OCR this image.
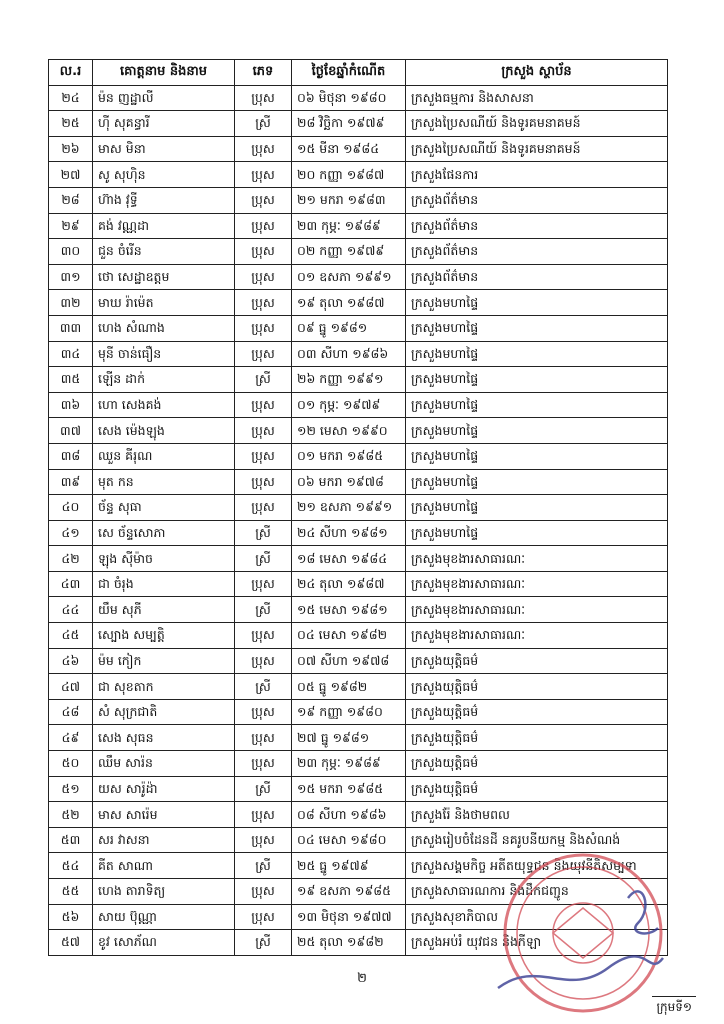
ល.រ	គោត្តនាម និងនាម	ភេទ	ថ្ងៃខែឆ្នាំកំណើត	ក្រសួង ស្ថាប័ន
២៤	ម៉ន ញដ្ឋាលី	ប្រុស	០៦ មិថុនា ១៩៨០	ក្រសួងធម្មការ និងសាសនា
២៥	ហ៊ី សុគន្ធារី	ស្រី	២៨ វិច្ឆិកា ១៩៧៩	ក្រសួងប្រៃសណីយ៍ និងទូរគមនាគមន៍
២៦	មាស មិនា	ប្រុស	១៥ មីនា ១៩៨៤	ក្រសួងប្រៃសណីយ៍ និងទូរគមនាគមន៍
២៧	សូ សុហ៊ិន	ប្រុស	២០ កញ្ញា ១៩៨៧	ក្រសួងផែនការ
២៨	ហ៊ាង វុទ្ធី	ប្រុស	២១ មករា ១៩៨៣	ក្រសួងព័ត៌មាន
២៩	គង់ វណ្ណដា	ប្រុស	២៣ កុម្ភៈ ១៩៨៩	ក្រសួងព័ត៌មាន
៣០	ជួន ចំរើន	ប្រុស	០២ កញ្ញា ១៩៧៩	ក្រសួងព័ត៌មាន
៣១	ថោ សេដ្ឋាឧត្តម	ប្រុស	០១ ឧសភា ១៩៩១	ក្រសួងព័ត៌មាន
៣២	មាឃ រ៉ាម៉េត	ប្រុស	១៩ តុលា ១៩៨៧	ក្រសួងមហាផ្ទៃ
៣៣	ហេង សំណាង	ប្រុស	០៩ ធ្នូ ១៩៨១	ក្រសួងមហាផ្ទៃ
៣៤	មុនី ចាន់ធឿន	ប្រុស	០៣ សីហា ១៩៨៦	ក្រសួងមហាផ្ទៃ
៣៥	ឡើន ដាក់	ស្រី	២៦ កញ្ញា ១៩៩១	ក្រសួងមហាផ្ទៃ
៣៦	ហោ សេងគង់	ប្រុស	០១ កុម្ភៈ ១៩៧៩	ក្រសួងមហាផ្ទៃ
៣៧	សេង ម៉េងឡុង	ប្រុស	១២ មេសា ១៩៩០	ក្រសួងមហាផ្ទៃ
៣៨	ឈួន គីរុណ	ប្រុស	០១ មករា ១៩៨៥	ក្រសួងមហាផ្ទៃ
៣៩	មុត កន	ប្រុស	០៦ មករា ១៩៧៨	ក្រសួងមហាផ្ទៃ
៤០	ច័ន្ទ សុធា	ប្រុស	២១ ឧសភា ១៩៩១	ក្រសួងមហាផ្ទៃ
៤១	សេ ច័ន្ទសោភា	ស្រី	២៤ សីហា ១៩៨១	ក្រសួងមហាផ្ទៃ
៤២	ឡុង ស៊ីម៉ាច	ស្រី	១៨ មេសា ១៩៨៤	ក្រសួងមុខងារសាធារណៈ
៤៣	ជា ចំរុង	ប្រុស	២៤ តុលា ១៩៨៧	ក្រសួងមុខងារសាធារណៈ
៤៤	យឹម សុភី	ស្រី	១៥ មេសា ១៩៨១	ក្រសួងមុខងារសាធារណៈ
៤៥	ស្បោង សម្បត្តិ	ប្រុស	០៤ មេសា ១៩៨២	ក្រសួងមុខងារសាធារណៈ
៤៦	ម៉ម កៀក	ប្រុស	០៧ សីហា ១៩៧៨	ក្រសួងយុត្តិធម៌
៤៧	ជា សុខតាក	ស្រី	០៥ ធ្នូ ១៩៨២	ក្រសួងយុត្តិធម៌
៤៨	សំ សុក្រជាតិ	ប្រុស	១៩ កញ្ញា ១៩៨០	ក្រសួងយុត្តិធម៌
៤៩	សេង សុធន	ប្រុស	២៧ ធ្នូ ១៩៨១	ក្រសួងយុត្តិធម៌
៥០	ឈឹម សារ៉ន	ប្រុស	២៣ កុម្ភៈ ១៩៨៩	ក្រសួងយុត្តិធម៌
៥១	យស សារ៉ូដ៉ា	ស្រី	១៥ មករា ១៩៨៥	ក្រសួងយុត្តិធម៌
៥២	មាស សារ៉េម	ប្រុស	០៨ សីហា ១៩៨៦	ក្រសួងរ៉ែ និងថាមពល
៥៣	សរ វាសនា	ប្រុស	០៤ មេសា ១៩៨០	ក្រសួងរៀបចំដែនដី នគរូបនីយកម្ម និងសំណង់
៥៤	គីត សាណា	ស្រី	២៥ ធ្នូ ១៩៧៩	ក្រសួងសង្គមកិច្ច អតីតយុទ្ធជន និងយុវនីតិសម្បទា
៥៥	ហេង តារាទិត្យ	ប្រុស	១៩ ឧសភា ១៩៨៥	ក្រសួងសាធារណការ និងដឹកជញ្ជូន
៥៦	សាយ ប៊ុណ្ណា	ប្រុស	១៣ មិថុនា ១៩៧៧	ក្រសួងសុខាភិបាល
៥៧	ខូវ សោភ័ណ	ស្រី	២៥ តុលា ១៩៨២	ក្រសួងអប់រំ យុវជន និងកីឡា
២
ក្រុមទី១
